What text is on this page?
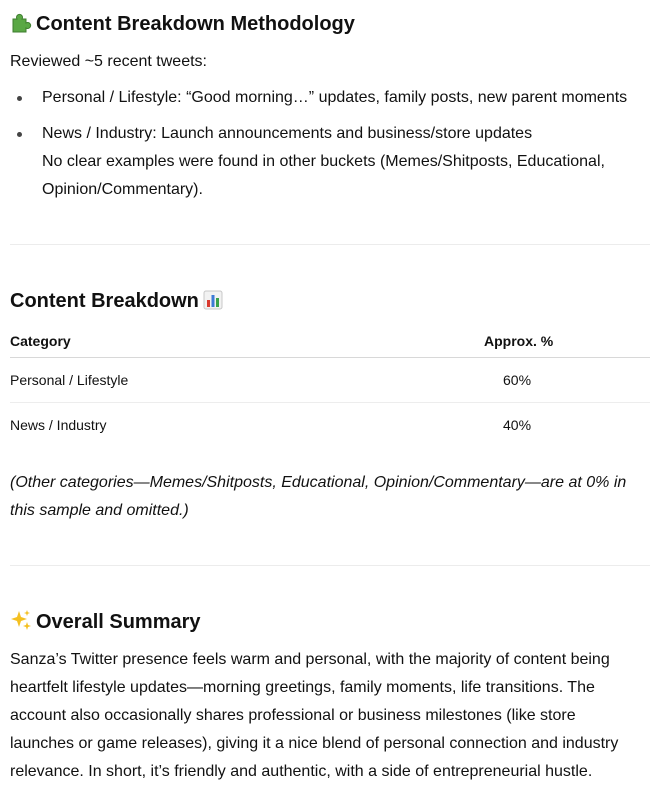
Content Breakdown Methodology
Reviewed ~5 recent tweets:
Personal / Lifestyle: “Good morning…” updates, family posts, new parent moments
News / Industry: Launch announcements and business/store updates
No clear examples were found in other buckets (Memes/Shitposts, Educational,
Opinion/Commentary).
Content Breakdown
Category	Approx. %
Personal / Lifestyle	60%
News / Industry	40%
(Other categories—Memes/Shitposts, Educational, Opinion/Commentary—are at 0% in
this sample and omitted.)
Overall Summary
Sanza’s Twitter presence feels warm and personal, with the majority of content being
heartfelt lifestyle updates—morning greetings, family moments, life transitions. The
account also occasionally shares professional or business milestones (like store
launches or game releases), giving it a nice blend of personal connection and industry
relevance. In short, it’s friendly and authentic, with a side of entrepreneurial hustle.
